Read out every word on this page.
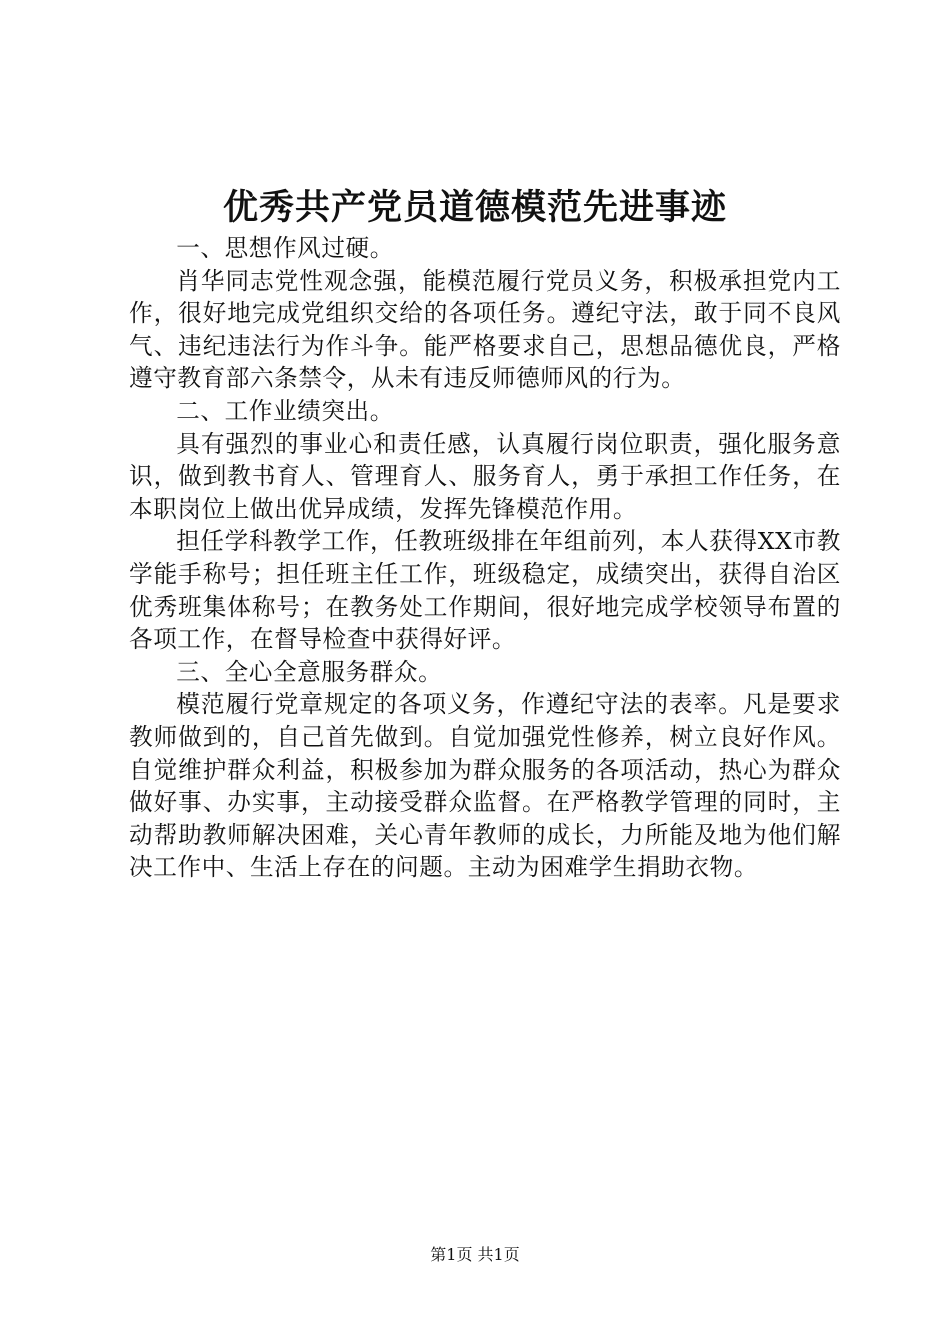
优秀共产党员道德模范先进事迹

一、思想作风过硬。

肖华同志党性观念强，能模范履行党员义务，积极承担党内工作，很好地完成党组织交给的各项任务。遵纪守法，敢于同不良风气、违纪违法行为作斗争。能严格要求自己，思想品德优良，严格遵守教育部六条禁令，从未有违反师德师风的行为。

二、工作业绩突出。

具有强烈的事业心和责任感，认真履行岗位职责，强化服务意识，做到教书育人、管理育人、服务育人，勇于承担工作任务，在本职岗位上做出优异成绩，发挥先锋模范作用。

担任学科教学工作，任教班级排在年组前列，本人获得XX市教学能手称号；担任班主任工作，班级稳定，成绩突出，获得自治区优秀班集体称号；在教务处工作期间，很好地完成学校领导布置的各项工作，在督导检查中获得好评。

三、全心全意服务群众。

模范履行党章规定的各项义务，作遵纪守法的表率。凡是要求教师做到的，自己首先做到。自觉加强党性修养，树立良好作风。自觉维护群众利益，积极参加为群众服务的各项活动，热心为群众做好事、办实事，主动接受群众监督。在严格教学管理的同时，主动帮助教师解决困难，关心青年教师的成长，力所能及地为他们解决工作中、生活上存在的问题。主动为困难学生捐助衣物。

第1页 共1页
